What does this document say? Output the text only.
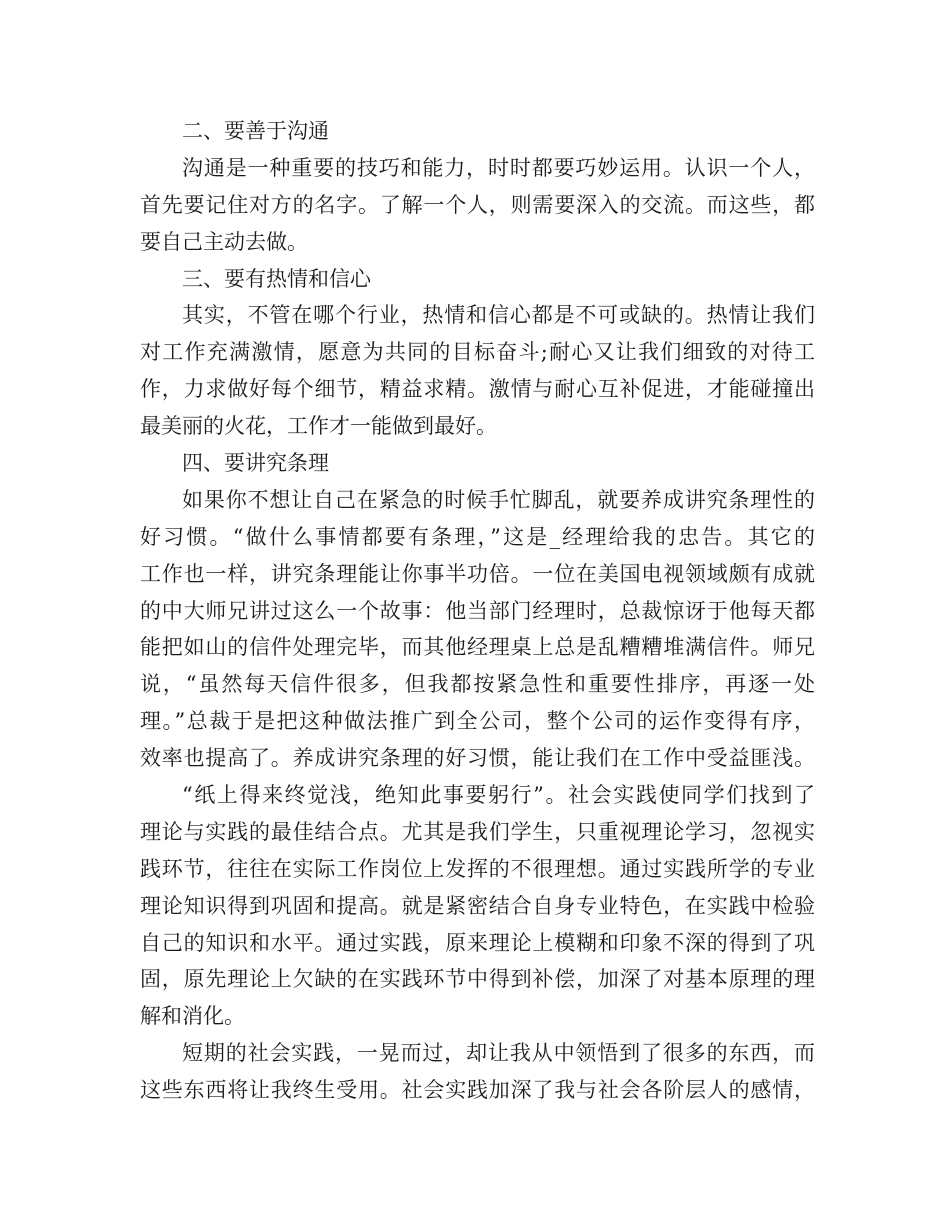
二、要善于沟通
沟通是一种重要的技巧和能力，时时都要巧妙运用。认识一个人，
首先要记住对方的名字。了解一个人，则需要深入的交流。而这些，都
要自己主动去做。
三、要有热情和信心
其实，不管在哪个行业，热情和信心都是不可或缺的。热情让我们
对工作充满激情，愿意为共同的目标奋斗;耐心又让我们细致的对待工
作，力求做好每个细节，精益求精。激情与耐心互补促进，才能碰撞出
最美丽的火花，工作才一能做到最好。
四、要讲究条理
如果你不想让自己在紧急的时候手忙脚乱，就要养成讲究条理性的
好习惯。“做什么事情都要有条理，”这是_经理给我的忠告。其它的
工作也一样，讲究条理能让你事半功倍。一位在美国电视领域颇有成就
的中大师兄讲过这么一个故事：他当部门经理时，总裁惊讶于他每天都
能把如山的信件处理完毕，而其他经理桌上总是乱糟糟堆满信件。师兄
说，“虽然每天信件很多，但我都按紧急性和重要性排序，再逐一处
理。”总裁于是把这种做法推广到全公司，整个公司的运作变得有序，
效率也提高了。养成讲究条理的好习惯，能让我们在工作中受益匪浅。
“纸上得来终觉浅，绝知此事要躬行”。社会实践使同学们找到了
理论与实践的最佳结合点。尤其是我们学生，只重视理论学习，忽视实
践环节，往往在实际工作岗位上发挥的不很理想。通过实践所学的专业
理论知识得到巩固和提高。就是紧密结合自身专业特色，在实践中检验
自己的知识和水平。通过实践，原来理论上模糊和印象不深的得到了巩
固，原先理论上欠缺的在实践环节中得到补偿，加深了对基本原理的理
解和消化。
短期的社会实践，一晃而过，却让我从中领悟到了很多的东西，而
这些东西将让我终生受用。社会实践加深了我与社会各阶层人的感情，
